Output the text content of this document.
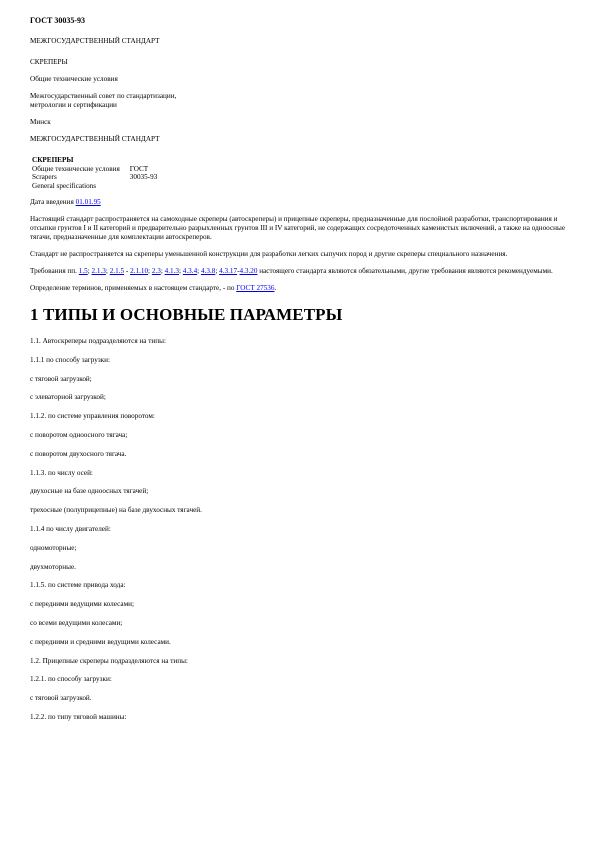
ГОСТ 30035-93

МЕЖГОСУДАРСТВЕННЫЙ СТАНДАРТ

СКРЕПЕРЫ

Общие технические условия

Межгосударственный совет по стандартизации,

метрологии и сертификации

Минск

МЕЖГОСУДАРСТВЕННЫЙ СТАНДАРТ

СКРЕПЕРЫ	
Общие технические условия	ГОСТ
Scrapers	30035-93
General specifications	

Дата введения 01.01.95

Настоящий стандарт распространяется на самоходные скреперы (автоскреперы) и прицепные скреперы, предназначенные для послойной разработки, транспортирования и отсыпки грунтов I и II категорий и предварительно разрыхленных грунтов III и IV категорий, не содержащих сосредоточенных каменистых включений, а также на одноосные тягачи, предназначенные для комплектации автоскреперов.

Стандарт не распространяется на скреперы уменьшенной конструкции для разработки легких сыпучих пород и другие скреперы специального назначения.

Требования пп. 1.5; 2.1.3; 2.1.5 - 2.1.10; 2.3; 4.1.3; 4.3.4; 4.3.8; 4.3.17-4.3.20 настоящего стандарта являются обязательными, другие требования являются рекомендуемыми.

Определение терминов, применяемых в настоящем стандарте, - по ГОСТ 27536.

1 ТИПЫ И ОСНОВНЫЕ ПАРАМЕТРЫ

1.1. Автоскреперы подразделяются на типы:

1.1.1 по способу загрузки:

с тяговой загрузкой;

с элеваторной загрузкой;

1.1.2. по системе управления поворотом:

с поворотом одноосного тягача;

с поворотом двухосного тягача.

1.1.3. по числу осей:

двухосные на базе одноосных тягачей;

трехосные (полуприцепные) на базе двухосных тягачей.

1.1.4 по числу двигателей:

одномоторные;

двухмоторные.

1.1.5. по системе привода хода:

с передними ведущими колесами;

со всеми ведущими колесами;

с передними и средними ведущими колесами.

1.2. Прицепные скреперы подразделяются на типы:

1.2.1. по способу загрузки:

с тяговой загрузкой.

1.2.2. по типу тяговой машины:
